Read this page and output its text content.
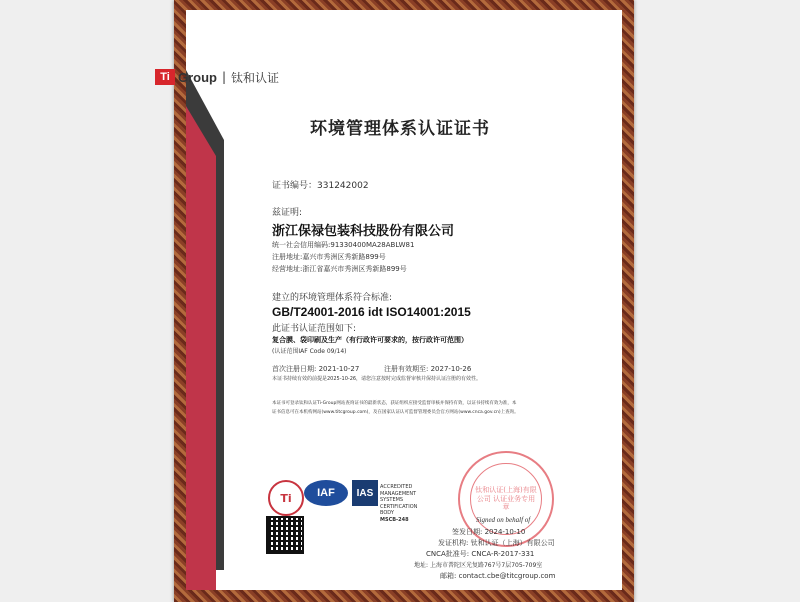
Ti Group | 钛和认证
环境管理体系认证证书
证书编号：331242002
兹证明:
浙江保禄包装科技股份有限公司
统一社会信用编码:91330400MA28ABLW81
注册地址:嘉兴市秀洲区秀新路899号
经营地址:浙江省嘉兴市秀洲区秀新路899号
建立的环境管理体系符合标准:
GB/T24001-2016 idt ISO14001:2015
此证书认证范围如下:
复合膜、袋印刷及生产（有行政许可要求的，按行政许可范围）
(认证范围IAF Code 09/14)
首次注册日期: 2021-10-27	注册有效期至: 2027-10-26
本证书持续有效的前提是2025-10-26，请您注意按时完成监督审核并保持认证注册的有效性。
本证书可登录钛和认证Ti-Group网站查询证书的最新状态，获证组织应接受监督审核并保持有效，以证书持续有效为准，本
证书信息可在本机构网站(www.titcgroup.com)，及在国家认证认可监督管理委员会官方网站(www.cnca.gov.cn)上查询。
Ti	IAF	IAS
ACCREDITED
MANAGEMENT
SYSTEMS
CERTIFICATION
BODY
MSCB-248
钛和认证(上海)有限公司 认证业务专用章
Signed on behalf of
签发日期: 2024-10-10
发证机构: 钛和认证（上海）有限公司
CNCA批准号: CNCA-R-2017-331
地址: 上海市普陀区光复路767号7层705-709室
邮箱: contact.cbe@titcgroup.com
